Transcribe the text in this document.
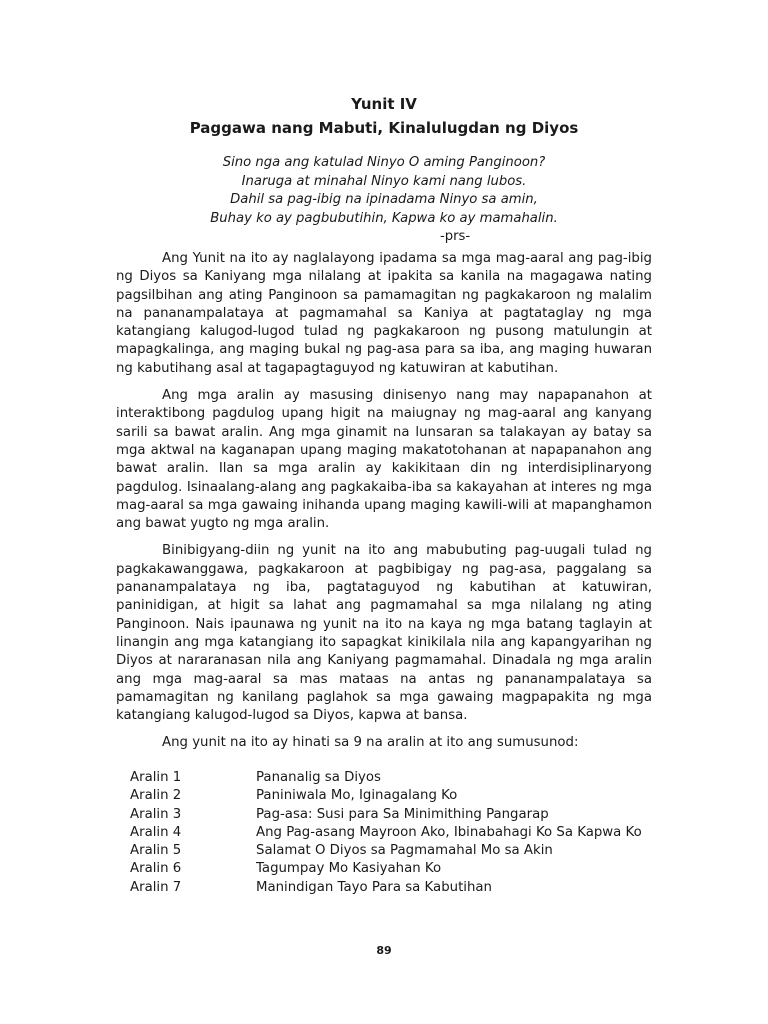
Yunit IV
Paggawa nang Mabuti, Kinalulugdan ng Diyos
Sino nga ang katulad Ninyo O aming Panginoon?
Inaruga at minahal Ninyo kami nang lubos.
Dahil sa pag-ibig na ipinadama Ninyo sa amin,
Buhay ko ay pagbubutihin, Kapwa ko ay mamahalin.
-prs-

Ang Yunit na ito ay naglalayong ipadama sa mga mag-aaral ang pag-ibig ng Diyos sa Kaniyang mga nilalang at ipakita sa kanila na magagawa nating pagsilbihan ang ating Panginoon sa pamamagitan ng pagkakaroon ng malalim na pananampalataya at pagmamahal sa Kaniya at pagtataglay ng mga katangiang kalugod-lugod tulad ng pagkakaroon ng pusong matulungin at mapagkalinga, ang maging bukal ng pag-asa para sa iba, ang maging huwaran ng kabutihang asal at tagapagtaguyod ng katuwiran at kabutihan.

Ang mga aralin ay masusing dinisenyo nang may napapanahon at interaktibong pagdulog upang higit na maiugnay ng mag-aaral ang kanyang sarili sa bawat aralin. Ang mga ginamit na lunsaran sa talakayan ay batay sa mga aktwal na kaganapan upang maging makatotohanan at napapanahon ang bawat aralin. Ilan sa mga aralin ay kakikitaan din ng interdisiplinaryong pagdulog. Isinaalang-alang ang pagkakaiba-iba sa kakayahan at interes ng mga mag-aaral sa mga gawaing inihanda upang maging kawili-wili at mapanghamon ang bawat yugto ng mga aralin.

Binibigyang-diin ng yunit na ito ang mabubuting pag-uugali tulad ng pagkakawanggawa, pagkakaroon at pagbibigay ng pag-asa, paggalang sa pananampalataya ng iba, pagtataguyod ng kabutihan at katuwiran, paninidigan, at higit sa lahat ang pagmamahal sa mga nilalang ng ating Panginoon. Nais ipaunawa ng yunit na ito na kaya ng mga batang taglayin at linangin ang mga katangiang ito sapagkat kinikilala nila ang kapangyarihan ng Diyos at nararanasan nila ang Kaniyang pagmamahal. Dinadala ng mga aralin ang mga mag-aaral sa mas mataas na antas ng pananampalataya sa pamamagitan ng kanilang paglahok sa mga gawaing magpapakita ng mga katangiang kalugod-lugod sa Diyos, kapwa at bansa.

Ang yunit na ito ay hinati sa 9 na aralin at ito ang sumusunod:

Aralin 1	Pananalig sa Diyos
Aralin 2	Paniniwala Mo, Iginagalang Ko
Aralin 3	Pag-asa: Susi para Sa Minimithing Pangarap
Aralin 4	Ang Pag-asang Mayroon Ako, Ibinabahagi Ko Sa Kapwa Ko
Aralin 5	Salamat O Diyos sa Pagmamahal Mo sa Akin
Aralin 6	Tagumpay Mo Kasiyahan Ko
Aralin 7	Manindigan Tayo Para sa Kabutihan
89
